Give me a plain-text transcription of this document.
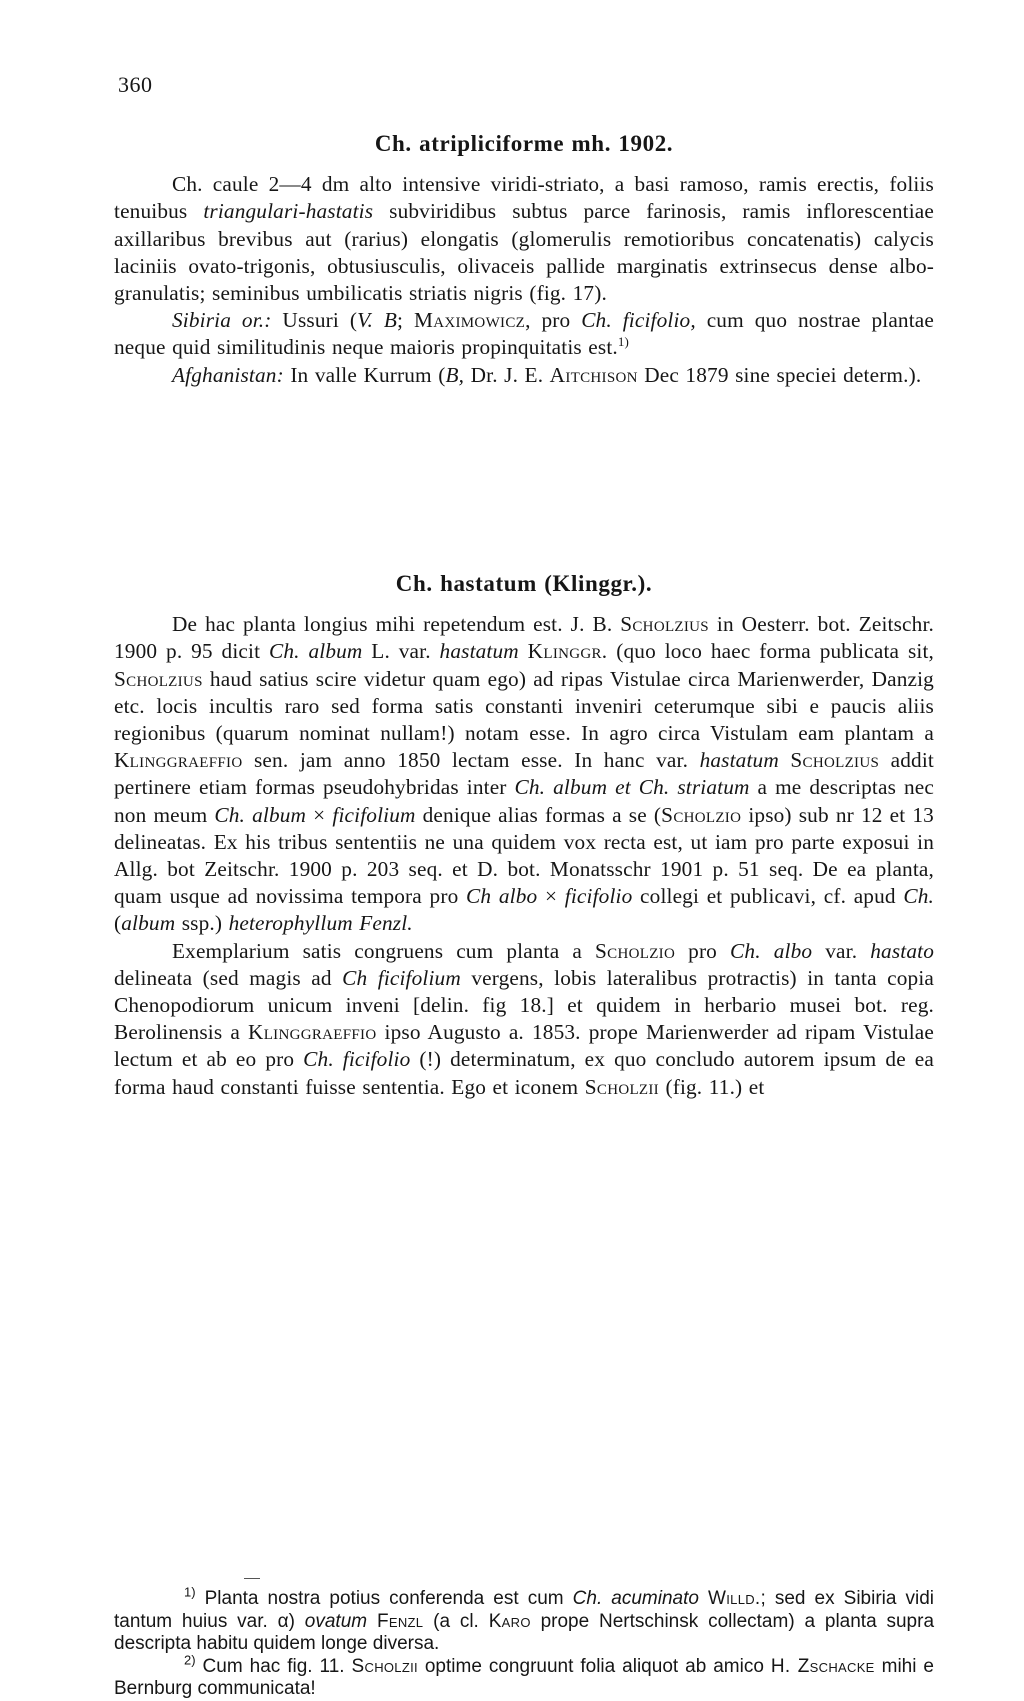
360
Ch. atripliciforme mh. 1902.

Ch. caule 2—4 dm alto intensive viridi-striato, a basi ramoso, ramis erectis, foliis tenuibus triangulari-hastatis subviridibus subtus parce farinosis, ramis inflorescentiae axillaribus brevibus aut (rarius) elongatis (glomerulis remotioribus concatenatis) calycis laciniis ovato-trigonis, obtusiusculis, olivaceis pallide marginatis extrinsecus dense albo-granulatis; seminibus umbilicatis striatis nigris (fig. 17).

Sibiria or.: Ussuri (V. B; Maximowicz, pro Ch. ficifolio, cum quo nostrae plantae neque quid similitudinis neque maioris propinquitatis est.$^{1)}$

Afghanistan: In valle Kurrum (B, Dr. J. E. Aitchison Dec 1879 sine speciei determ.).

Ch. hastatum (Klinggr.).

De hac planta longius mihi repetendum est. J. B. Scholzius in Oesterr. bot. Zeitschr. 1900 p. 95 dicit Ch. album L. var. hastatum Klinggr. (quo loco haec forma publicata sit, Scholzius haud satius scire videtur quam ego) ad ripas Vistulae circa Marienwerder, Danzig etc. locis incultis raro sed forma satis constanti inveniri ceterumque sibi e paucis aliis regionibus (quarum nominat nullam!) notam esse. In agro circa Vistulam eam plantam a Klinggraeffio sen. jam anno 1850 lectam esse. In hanc var. hastatum Scholzius addit pertinere etiam formas pseudohybridas inter Ch. album et Ch. striatum a me descriptas nec non meum Ch. album × ficifolium denique alias formas a se (Scholzio ipso) sub nr 12 et 13 delineatas. Ex his tribus sententiis ne una quidem vox recta est, ut iam pro parte exposui in Allg. bot Zeitschr. 1900 p. 203 seq. et D. bot. Monatsschr 1901 p. 51 seq. De ea planta, quam usque ad novissima tempora pro Ch albo × ficifolio collegi et publicavi, cf. apud Ch. (album ssp.) heterophyllum Fenzl.

Exemplarium satis congruens cum planta a Scholzio pro Ch. albo var. hastato delineata (sed magis ad Ch ficifolium vergens, lobis lateralibus protractis) in tanta copia Chenopodiorum unicum inveni [delin. fig 18.] et quidem in herbario musei bot. reg. Berolinensis a Klinggraeffio ipso Augusto a. 1853. prope Marienwerder ad ripam Vistulae lectum et ab eo pro Ch. ficifolio (!) determinatum, ex quo concludo autorem ipsum de ea forma haud constanti fuisse sententia. Ego et iconem Scholzii (fig. 11.) et

$^{1)}$ Planta nostra potius conferenda est cum Ch. acuminato Willd.; sed ex Sibiria vidi tantum huius var. α) ovatum Fenzl (a cl. Karo prope Nertschinsk collectam) a planta supra descripta habitu quidem longe diversa.

$^{2)}$ Cum hac fig. 11. Scholzii optime congruunt folia aliquot ab amico H. Zschacke mihi e Bernburg communicata!
